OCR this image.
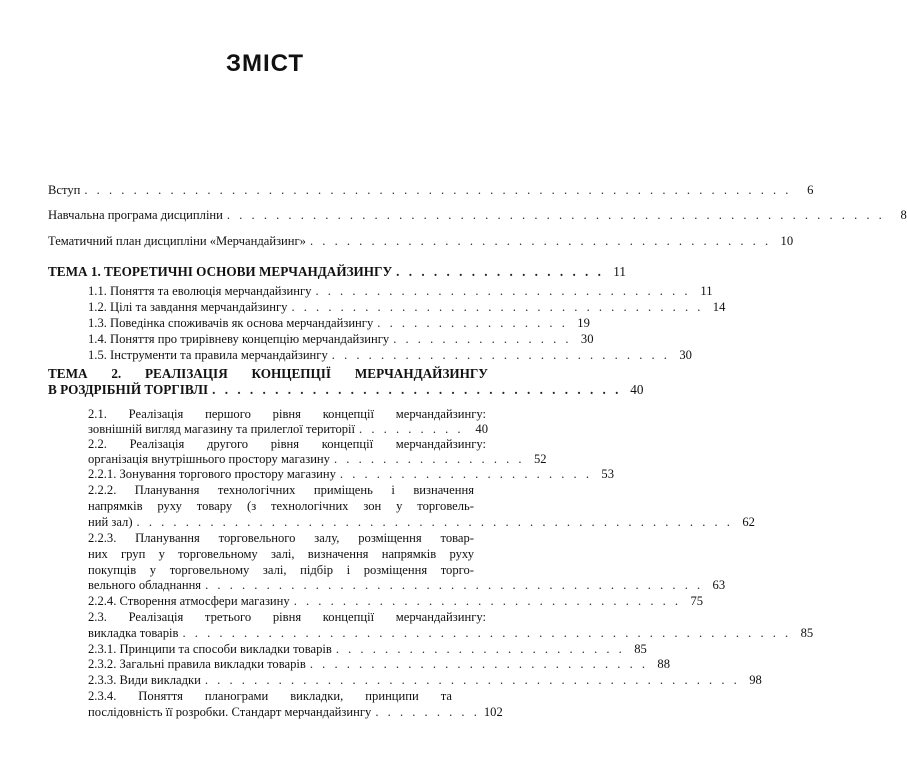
ЗМІСТ
Вступ . . . . . . . . . . . . . . . . . . . . . . . . . . . . . . . . . . . . . . . . . . . . . . . . . . . . . . . . . .	6
Навчальна програма дисципліни . . . . . . . . . . . . . . . . . . . . . . . . . . . . . . . . . . . . . . . . . . . . . . . . . . . . . .	8
Тематичний план дисципліни «Мерчандайзинг» . . . . . . . . . . . . . . . . . . . . . . . . . . . . . . . . . . . . . . 10
ТЕМА 1. ТЕОРЕТИЧНІ ОСНОВИ МЕРЧАНДАЙЗИНГУ . . . . . . . . . . . . . . . . . 11
1.1. Поняття та еволюція мерчандайзингу . . . . . . . . . . . . . . . . . . . . . . . . . . . . . . . 11
1.2. Цілі та завдання мерчандайзингу . . . . . . . . . . . . . . . . . . . . . . . . . . . . . . . . . . 14
1.3. Поведінка споживачів як основа мерчандайзингу . . . . . . . . . . . . . . . . 19
1.4. Поняття про трирівневу концепцію мерчандайзингу . . . . . . . . . . . . . . . 30
1.5. Інструменти та правила мерчандайзингу . . . . . . . . . . . . . . . . . . . . . . . . . . . . 30
ТЕМА 2. РЕАЛІЗАЦІЯ КОНЦЕПЦІЇ МЕРЧАНДАЙЗИНГУ
В РОЗДРІБНІЙ ТОРГІВЛІ . . . . . . . . . . . . . . . . . . . . . . . . . . . . . . . . . 40
2.1. Реалізація першого рівня концепції мерчандайзингу:
зовнішній вигляд магазину та прилеглої території . . . . . . . . . 40
2.2. Реалізація другого рівня концепції мерчандайзингу:
організація внутрішнього простору магазину . . . . . . . . . . . . . . . . 52
2.2.1. Зонування торгового простору магазину . . . . . . . . . . . . . . . . . . . . . 53
2.2.2. Планування технологічних приміщень і визначення
напрямків руху товару (з технологічних зон у торговель-
ний зал) . . . . . . . . . . . . . . . . . . . . . . . . . . . . . . . . . . . . . . . . . . . . . . . . . 62
2.2.3. Планування торговельного залу, розміщення товар-
них груп у торговельному залі, визначення напрямків руху
покупців у торговельному залі, підбір і розміщення торго-
вельного обладнання . . . . . . . . . . . . . . . . . . . . . . . . . . . . . . . . . . . . . . . . . 63
2.2.4. Створення атмосфери магазину . . . . . . . . . . . . . . . . . . . . . . . . . . . . . . . . 75
2.3. Реалізація третього рівня концепції мерчандайзингу:
викладка товарів . . . . . . . . . . . . . . . . . . . . . . . . . . . . . . . . . . . . . . . . . . . . . . . . . . 85
2.3.1. Принципи та способи викладки товарів . . . . . . . . . . . . . . . . . . . . . . . . 85
2.3.2. Загальні правила викладки товарів . . . . . . . . . . . . . . . . . . . . . . . . . . . . 88
2.3.3. Види викладки . . . . . . . . . . . . . . . . . . . . . . . . . . . . . . . . . . . . . . . . . . . . 98
2.3.4. Поняття планограми викладки, принципи та
послідовність її розробки. Стандарт мерчандайзингу . . . . . . . . . 102
